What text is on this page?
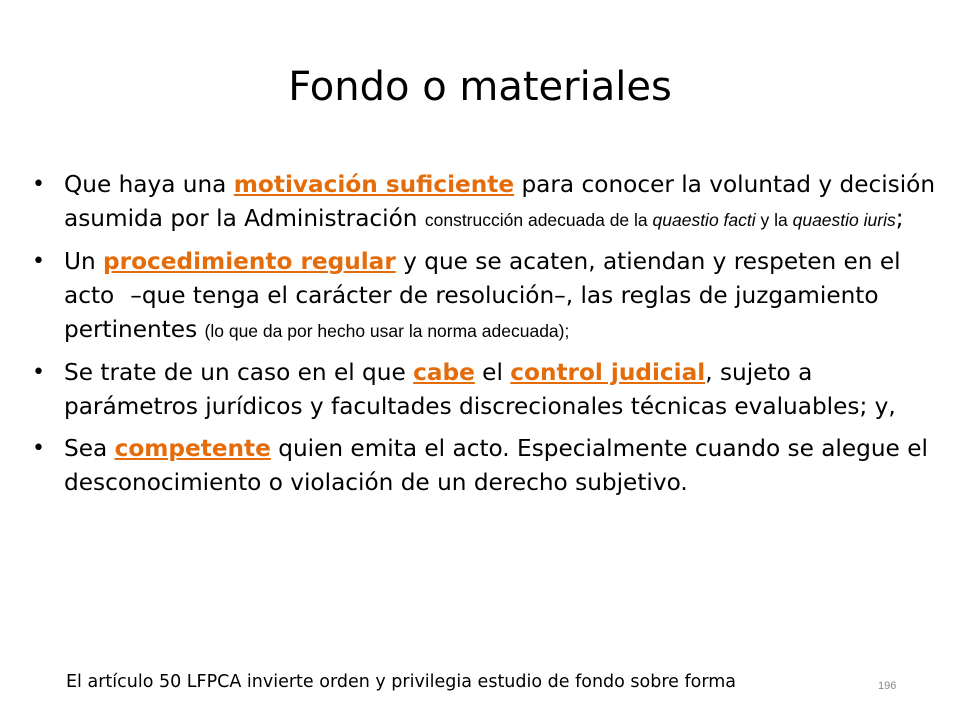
Fondo o materiales
• Que haya una motivación suficiente para conocer la voluntad y decisión asumida por la Administración construcción adecuada de la quaestio facti y la quaestio iuris;
• Un procedimiento regular y que se acaten, atiendan y respeten en el acto –que tenga el carácter de resolución–, las reglas de juzgamiento pertinentes (lo que da por hecho usar la norma adecuada);
• Se trate de un caso en el que cabe el control judicial, sujeto a parámetros jurídicos y facultades discrecionales técnicas evaluables; y,
• Sea competente quien emita el acto. Especialmente cuando se alegue el desconocimiento o violación de un derecho subjetivo.
El artículo 50 LFPCA invierte orden y privilegia estudio de fondo sobre forma	196
